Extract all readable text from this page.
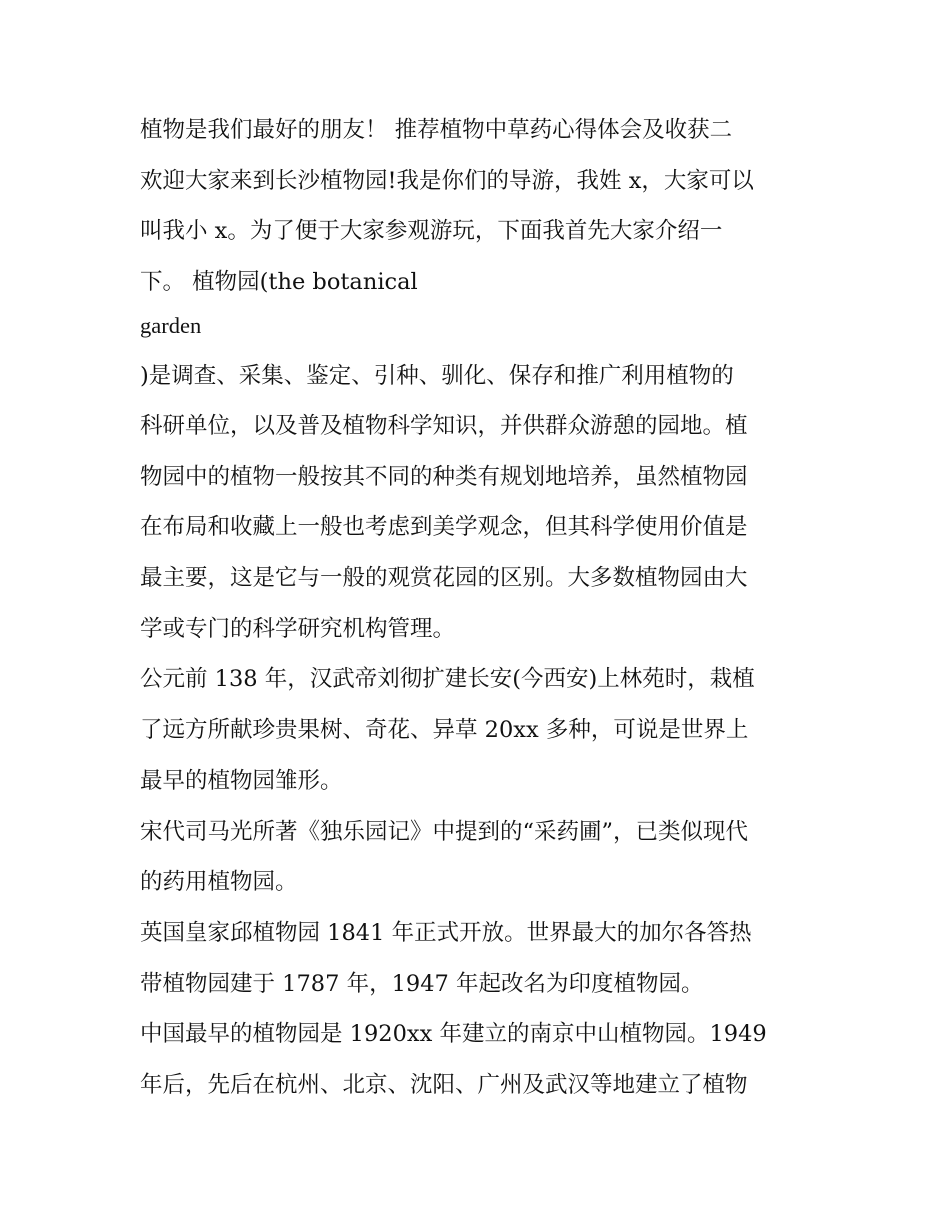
植物是我们最好的朋友！ 推荐植物中草药心得体会及收获二

欢迎大家来到长沙植物园!我是你们的导游，我姓 x，大家可以

叫我小 x。为了便于大家参观游玩，下面我首先大家介绍一

下。 植物园(the botanical

garden

)是调查、采集、鉴定、引种、驯化、保存和推广利用植物的

科研单位，以及普及植物科学知识，并供群众游憩的园地。植

物园中的植物一般按其不同的种类有规划地培养，虽然植物园

在布局和收藏上一般也考虑到美学观念，但其科学使用价值是

最主要，这是它与一般的观赏花园的区别。大多数植物园由大

学或专门的科学研究机构管理。

公元前 138 年，汉武帝刘彻扩建长安(今西安)上林苑时，栽植

了远方所献珍贵果树、奇花、异草 20xx 多种，可说是世界上

最早的植物园雏形。

宋代司马光所著《独乐园记》中提到的“采药圃”，已类似现代

的药用植物园。

英国皇家邱植物园 1841 年正式开放。世界最大的加尔各答热

带植物园建于 1787 年，1947 年起改名为印度植物园。

中国最早的植物园是 1920xx 年建立的南京中山植物园。1949

年后，先后在杭州、北京、沈阳、广州及武汉等地建立了植物
